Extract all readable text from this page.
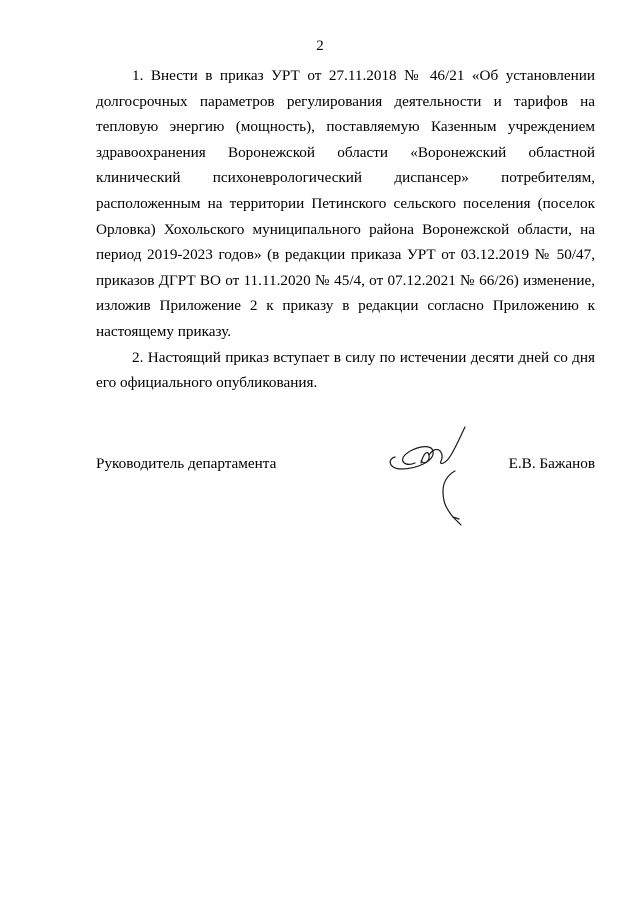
2

1. Внести в приказ УРТ от 27.11.2018 № 46/21 «Об установлении долгосрочных параметров регулирования деятельности и тарифов на тепловую энергию (мощность), поставляемую Казенным учреждением здравоохранения Воронежской области «Воронежский областной клинический психоневрологический диспансер» потребителям, расположенным на территории Петинского сельского поселения (поселок Орловка) Хохольского муниципального района Воронежской области, на период 2019-2023 годов» (в редакции приказа УРТ от 03.12.2019 № 50/47, приказов ДГРТ ВО от 11.11.2020 № 45/4, от 07.12.2021 № 66/26) изменение, изложив Приложение 2 к приказу в редакции согласно Приложению к настоящему приказу.

2. Настоящий приказ вступает в силу по истечении десяти дней со дня его официального опубликования.

Руководитель департамента	Е.В. Бажанов
